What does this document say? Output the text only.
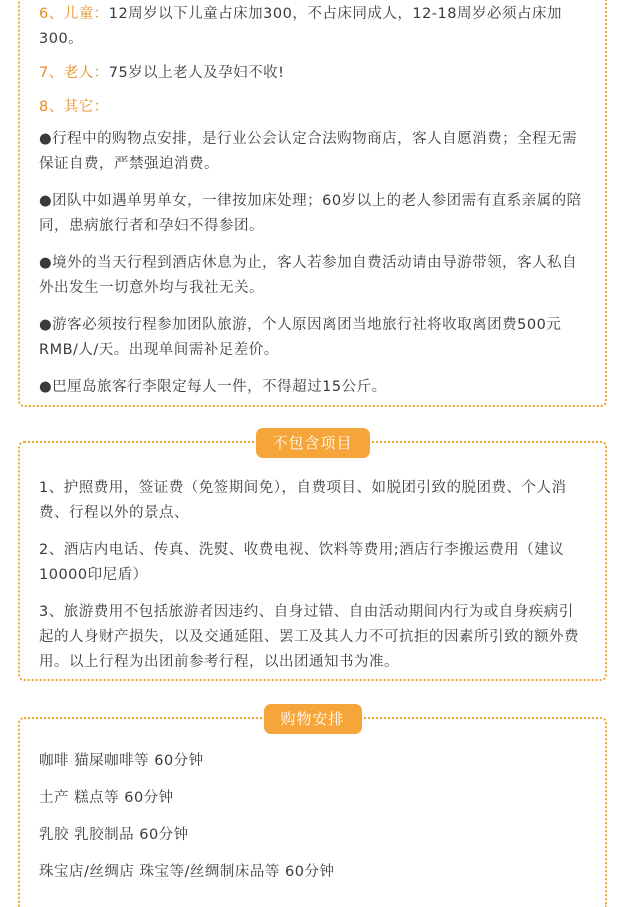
6、儿童：12周岁以下儿童占床加300，不占床同成人，12-18周岁必须占床加300。

7、老人：75岁以上老人及孕妇不收!

8、其它：

●行程中的购物点安排，是行业公会认定合法购物商店，客人自愿消费；全程无需保证自费，严禁强迫消费。

●团队中如遇单男单女，一律按加床处理；60岁以上的老人参团需有直系亲属的陪同，患病旅行者和孕妇不得参团。

●境外的当天行程到酒店休息为止，客人若参加自费活动请由导游带领，客人私自外出发生一切意外均与我社无关。

●游客必须按行程参加团队旅游，个人原因离团当地旅行社将收取离团费500元RMB/人/天。出现单间需补足差价。

●巴厘岛旅客行李限定每人一件，不得超过15公斤。

不包含项目

1、护照费用，签证费（免签期间免），自费项目、如脱团引致的脱团费、个人消费、行程以外的景点、

2、酒店内电话、传真、洗熨、收费电视、饮料等费用;酒店行李搬运费用（建议10000印尼盾）

3、旅游费用不包括旅游者因违约、自身过错、自由活动期间内行为或自身疾病引起的人身财产损失，以及交通延阻、罢工及其人力不可抗拒的因素所引致的额外费用。以上行程为出团前参考行程，以出团通知书为准。

购物安排

咖啡 猫屎咖啡等 60分钟

土产 糕点等 60分钟

乳胶 乳胶制品 60分钟

珠宝店/丝绸店 珠宝等/丝绸制床品等 60分钟
